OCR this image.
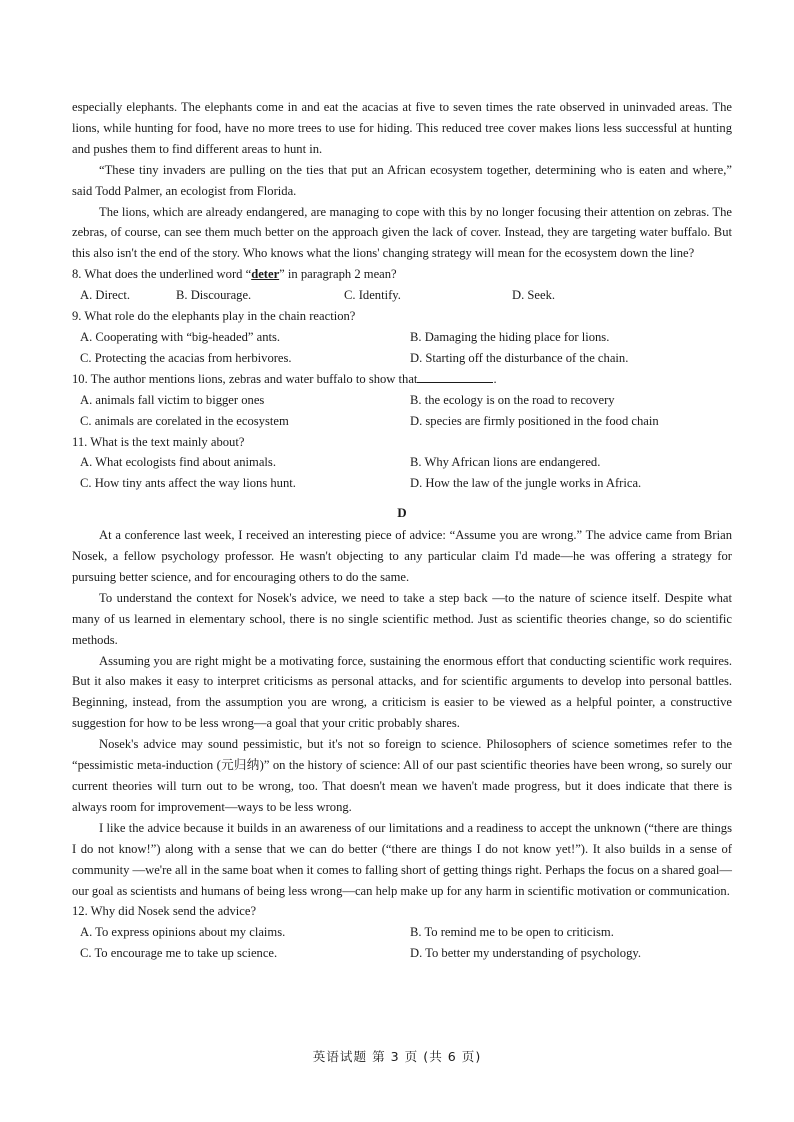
especially elephants. The elephants come in and eat the acacias at five to seven times the rate observed in uninvaded areas. The lions, while hunting for food, have no more trees to use for hiding. This reduced tree cover makes lions less successful at hunting and pushes them to find different areas to hunt in.

“These tiny invaders are pulling on the ties that put an African ecosystem together, determining who is eaten and where,” said Todd Palmer, an ecologist from Florida.

The lions, which are already endangered, are managing to cope with this by no longer focusing their attention on zebras. The zebras, of course, can see them much better on the approach given the lack of cover. Instead, they are targeting water buffalo. But this also isn't the end of the story. Who knows what the lions' changing strategy will mean for the ecosystem down the line?

8. What does the underlined word “deter” in paragraph 2 mean?
A. Direct.	B. Discourage.	C. Identify.	D. Seek.
9. What role do the elephants play in the chain reaction?
A. Cooperating with “big-headed” ants.	B. Damaging the hiding place for lions.
C. Protecting the acacias from herbivores.	D. Starting off the disturbance of the chain.
10. The author mentions lions, zebras and water buffalo to show that	.
A. animals fall victim to bigger ones	B. the ecology is on the road to recovery
C. animals are corelated in the ecosystem	D. species are firmly positioned in the food chain
11. What is the text mainly about?
A. What ecologists find about animals.	B. Why African lions are endangered.
C. How tiny ants affect the way lions hunt.	D. How the law of the jungle works in Africa.
D

At a conference last week, I received an interesting piece of advice: “Assume you are wrong.” The advice came from Brian Nosek, a fellow psychology professor. He wasn't objecting to any particular claim I'd made—he was offering a strategy for pursuing better science, and for encouraging others to do the same.

To understand the context for Nosek's advice, we need to take a step back —to the nature of science itself. Despite what many of us learned in elementary school, there is no single scientific method. Just as scientific theories change, so do scientific methods.

Assuming you are right might be a motivating force, sustaining the enormous effort that conducting scientific work requires. But it also makes it easy to interpret criticisms as personal attacks, and for scientific arguments to develop into personal battles. Beginning, instead, from the assumption you are wrong, a criticism is easier to be viewed as a helpful pointer, a constructive suggestion for how to be less wrong—a goal that your critic probably shares.

Nosek's advice may sound pessimistic, but it's not so foreign to science. Philosophers of science sometimes refer to the “pessimistic meta-induction (元归纳)” on the history of science: All of our past scientific theories have been wrong, so surely our current theories will turn out to be wrong, too. That doesn't mean we haven't made progress, but it does indicate that there is always room for improvement—ways to be less wrong.

I like the advice because it builds in an awareness of our limitations and a readiness to accept the unknown (“there are things I do not know!”) along with a sense that we can do better (“there are things I do not know yet!”). It also builds in a sense of community —we're all in the same boat when it comes to falling short of getting things right. Perhaps the focus on a shared goal—our goal as scientists and humans of being less wrong—can help make up for any harm in scientific motivation or communication.

12. Why did Nosek send the advice?
A. To express opinions about my claims.	B. To remind me to be open to criticism.
C. To encourage me to take up science.	D. To better my understanding of psychology.
英语试题 第 3 页 (共 6 页)
